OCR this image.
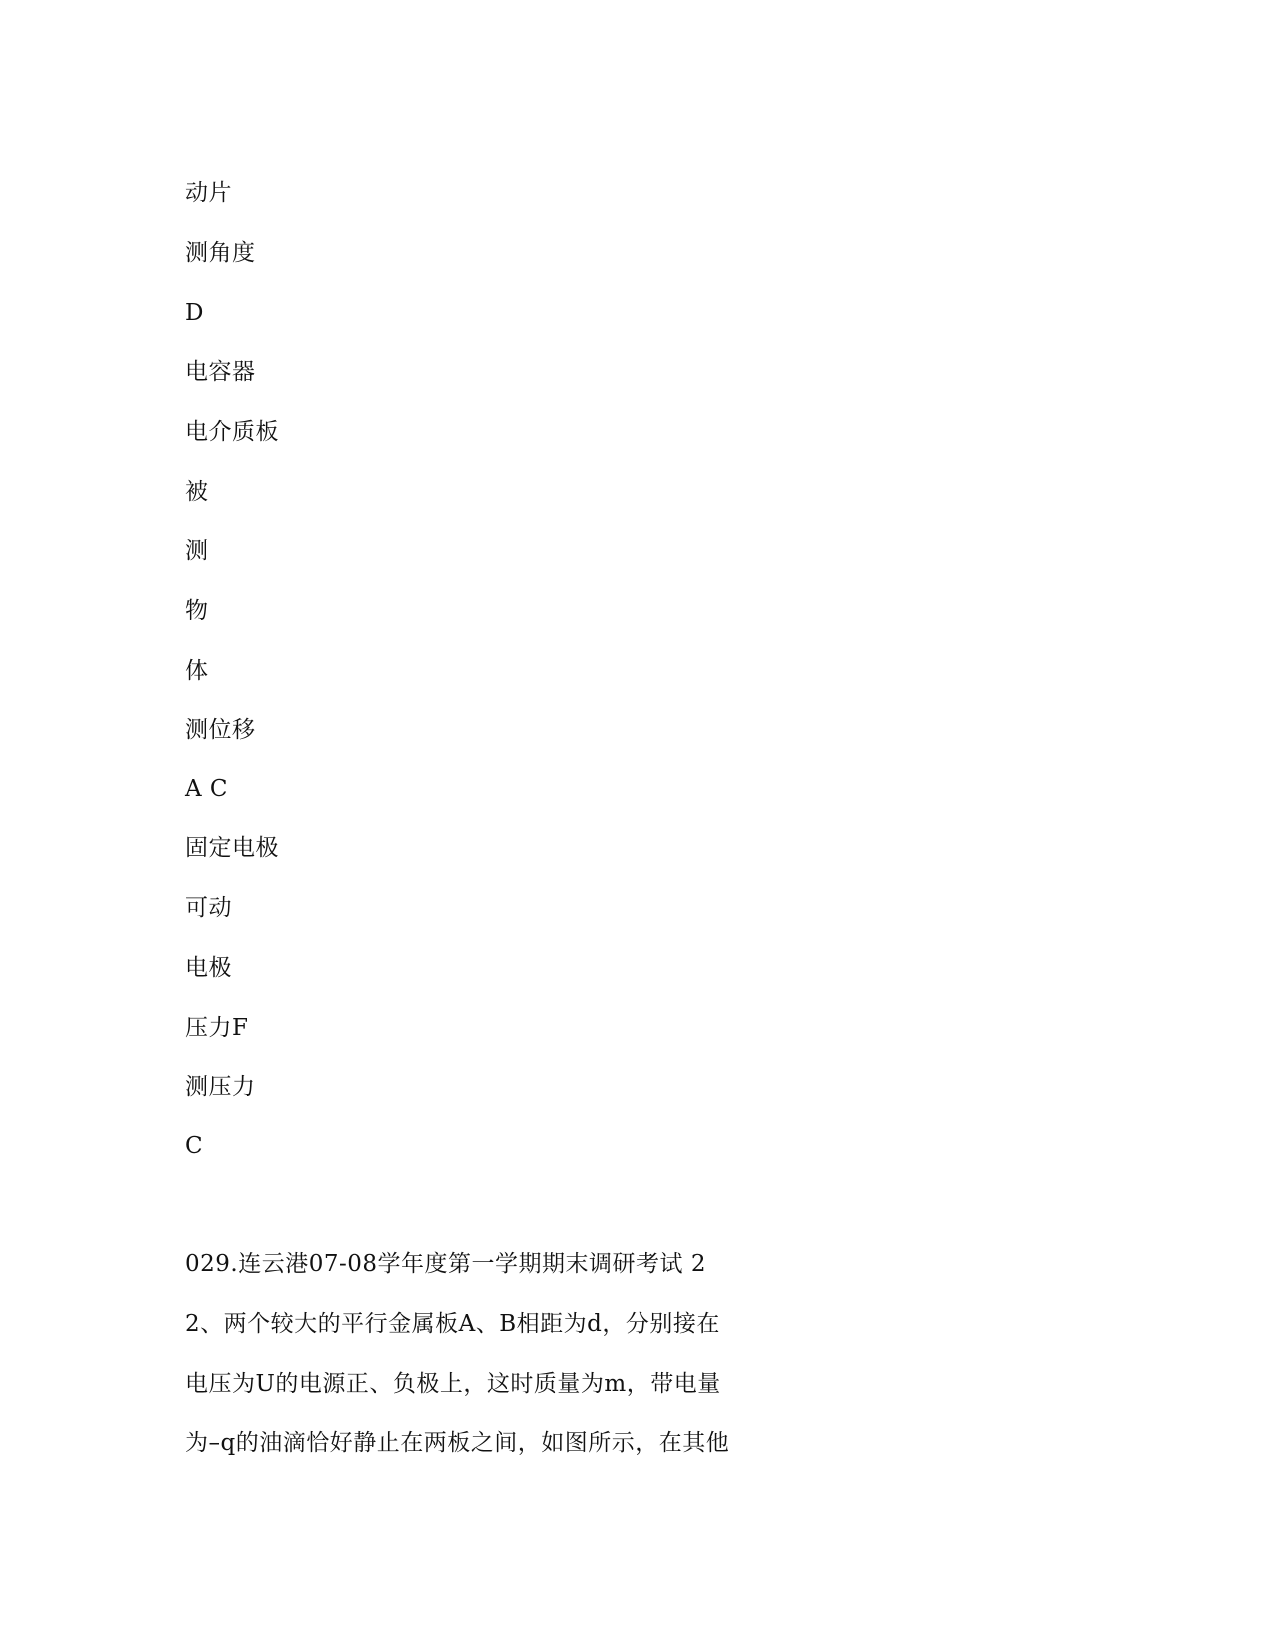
动片
测角度
D
电容器
电介质板
被
测
物
体
测位移
A C
固定电极
可动
电极
压力F
测压力
C
029.连云港07-08学年度第一学期期末调研考试 2
2、两个较大的平行金属板A、B相距为d，分别接在
电压为U的电源正、负极上，这时质量为m，带电量
为–q的油滴恰好静止在两板之间，如图所示，在其他
